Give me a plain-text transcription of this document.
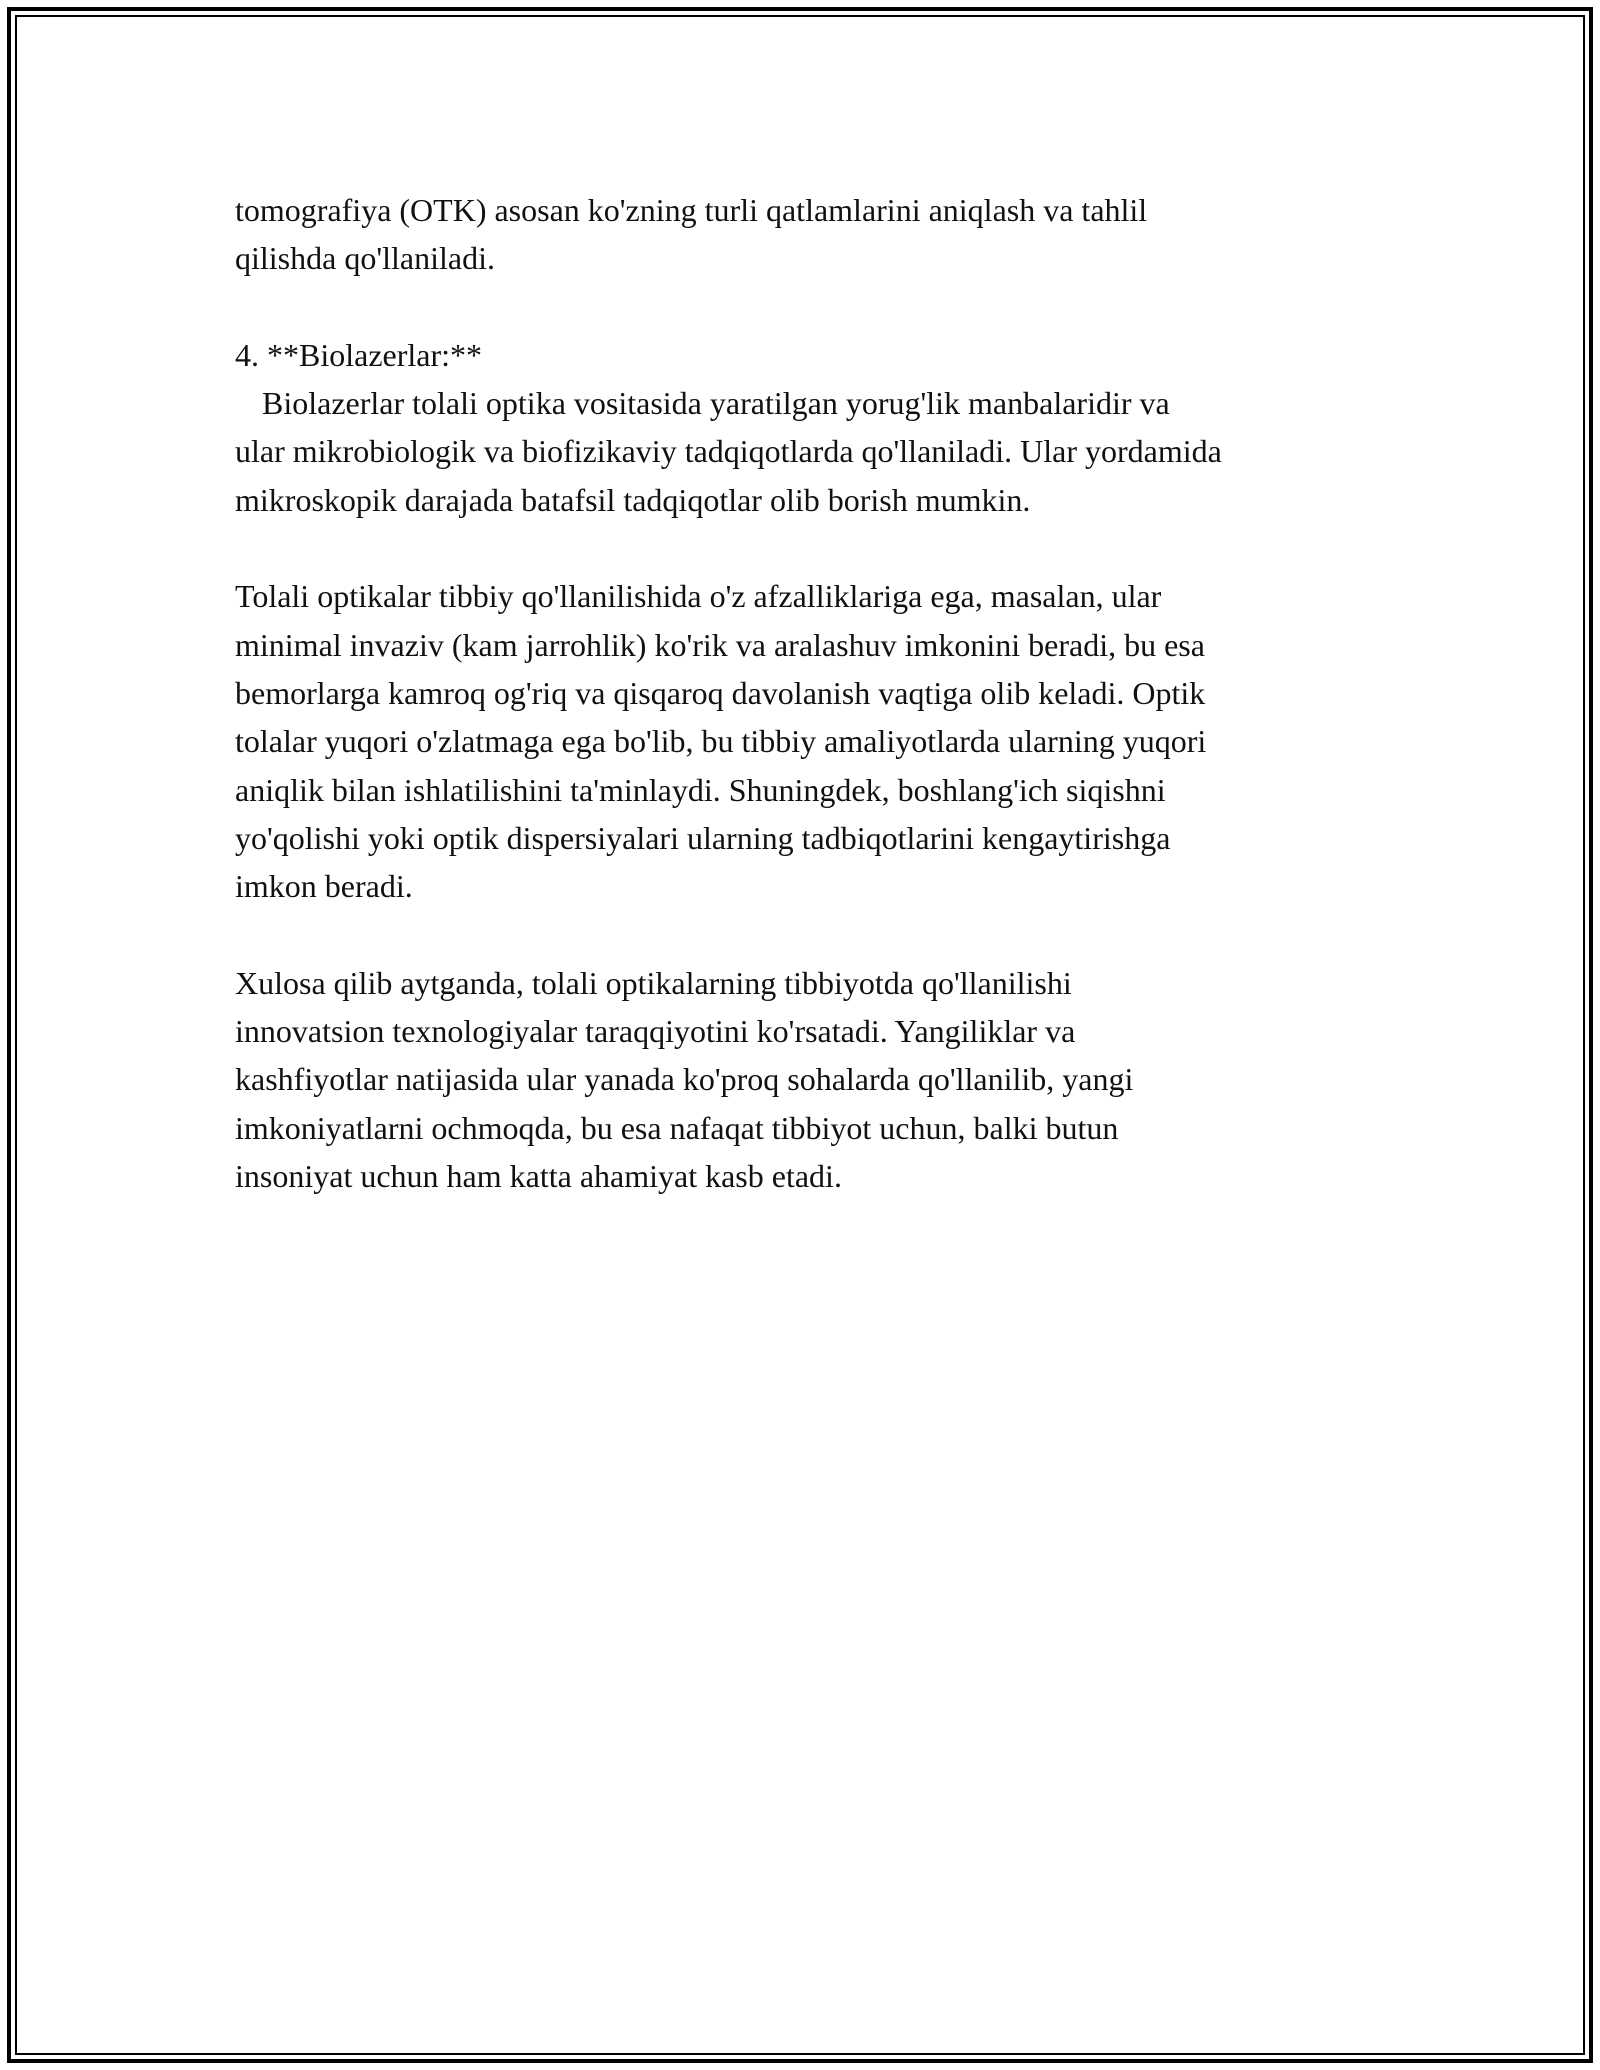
tomografiya (OTK) asosan ko'zning turli qatlamlarini aniqlash va tahlil
qilishda qo'llaniladi.
4. **Biolazerlar:**
Biolazerlar tolali optika vositasida yaratilgan yorug'lik manbalaridir va
ular mikrobiologik va biofizikaviy tadqiqotlarda qo'llaniladi. Ular yordamida
mikroskopik darajada batafsil tadqiqotlar olib borish mumkin.
Tolali optikalar tibbiy qo'llanilishida o'z afzalliklariga ega, masalan, ular
minimal invaziv (kam jarrohlik) ko'rik va aralashuv imkonini beradi, bu esa
bemorlarga kamroq og'riq va qisqaroq davolanish vaqtiga olib keladi. Optik
tolalar yuqori o'zlatmaga ega bo'lib, bu tibbiy amaliyotlarda ularning yuqori
aniqlik bilan ishlatilishini ta'minlaydi. Shuningdek, boshlang'ich siqishni
yo'qolishi yoki optik dispersiyalari ularning tadbiqotlarini kengaytirishga
imkon beradi.
Xulosa qilib aytganda, tolali optikalarning tibbiyotda qo'llanilishi
innovatsion texnologiyalar taraqqiyotini ko'rsatadi. Yangiliklar va
kashfiyotlar natijasida ular yanada ko'proq sohalarda qo'llanilib, yangi
imkoniyatlarni ochmoqda, bu esa nafaqat tibbiyot uchun, balki butun
insoniyat uchun ham katta ahamiyat kasb etadi.
